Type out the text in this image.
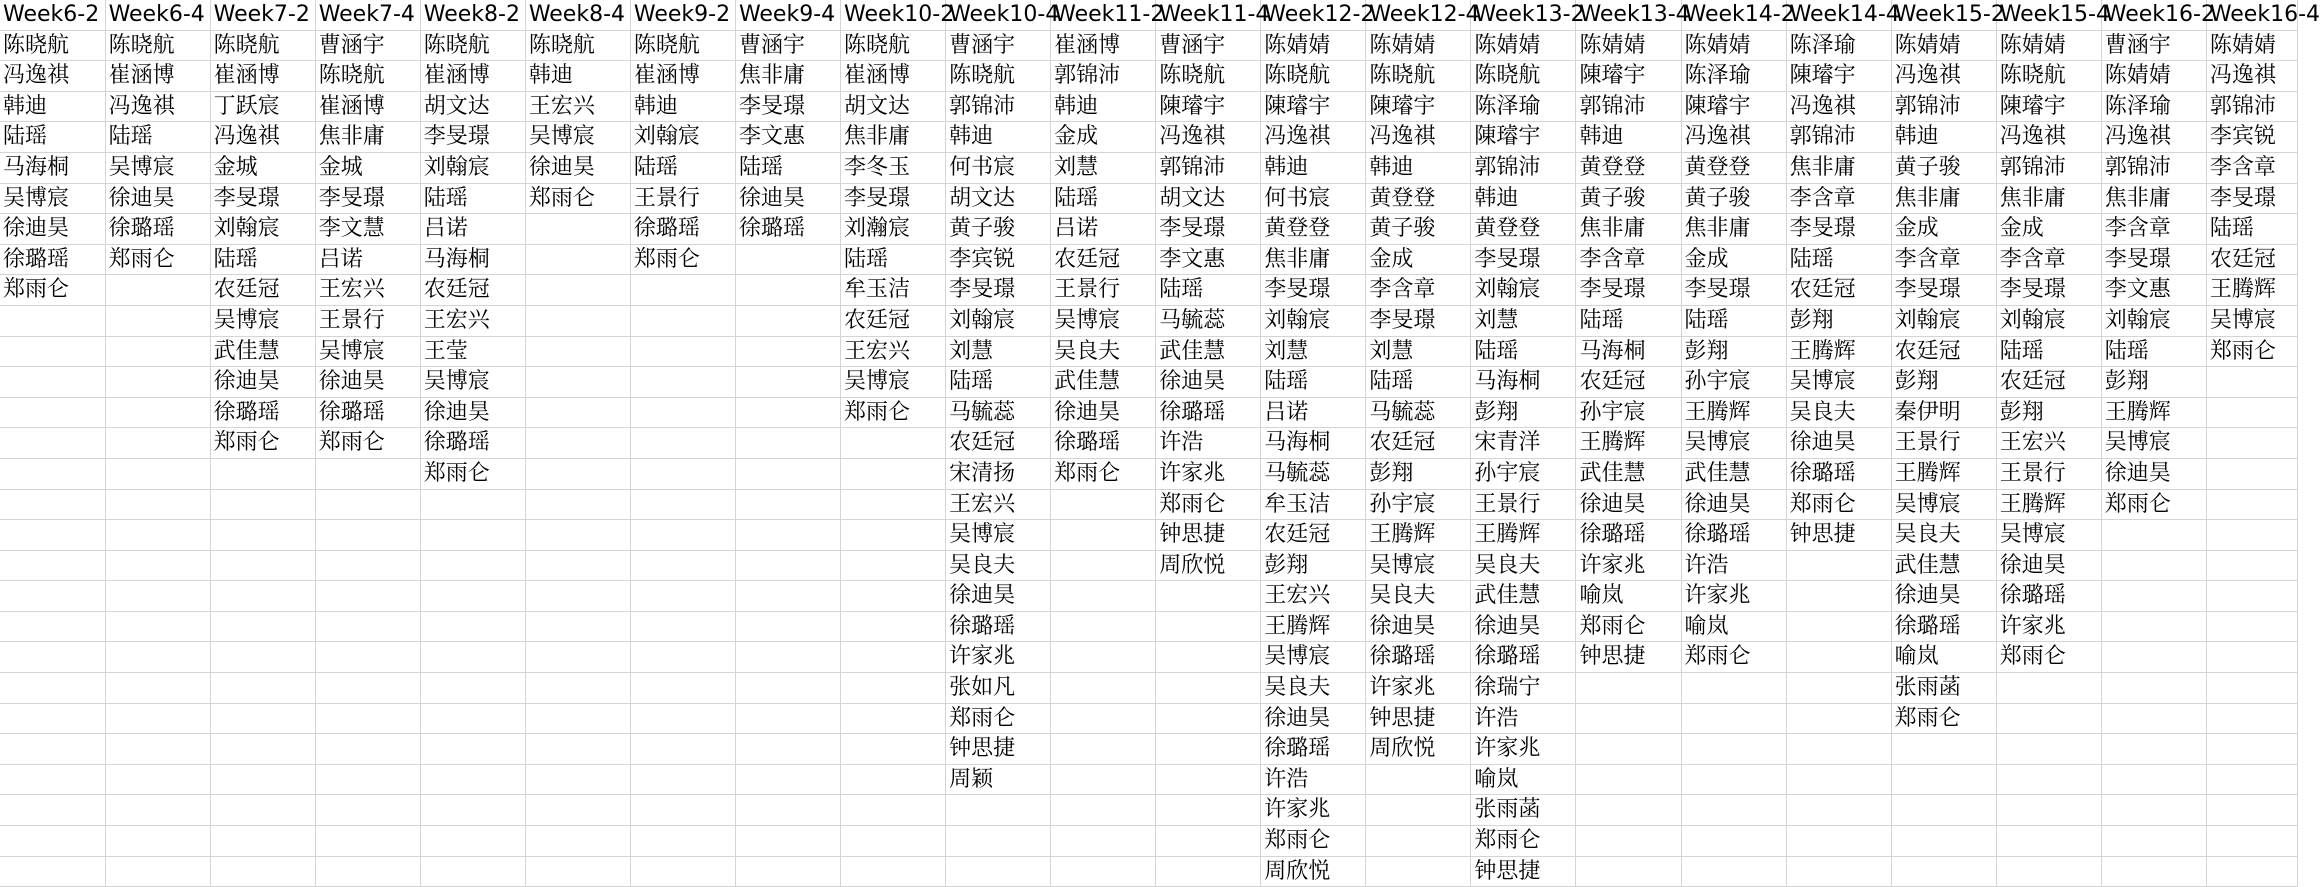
Week6-2	Week6-4	Week7-2	Week7-4	Week8-2	Week8-4	Week9-2	Week9-4	Week10-2	Week10-4	Week11-2	Week11-4	Week12-2	Week12-4	Week13-2	Week13-4	Week14-2	Week14-4	Week15-2	Week15-4	Week16-2	Week16-4
陈晓航	陈晓航	陈晓航	曹涵宇	陈晓航	陈晓航	陈晓航	曹涵宇	陈晓航	曹涵宇	崔涵博	曹涵宇	陈婧婧	陈婧婧	陈婧婧	陈婧婧	陈婧婧	陈泽瑜	陈婧婧	陈婧婧	曹涵宇	陈婧婧
冯逸祺	崔涵博	崔涵博	陈晓航	崔涵博	韩迪	崔涵博	焦非庸	崔涵博	陈晓航	郭锦沛	陈晓航	陈晓航	陈晓航	陈晓航	陳璿宇	陈泽瑜	陳璿宇	冯逸祺	陈晓航	陈婧婧	冯逸祺
韩迪	冯逸祺	丁跃宸	崔涵博	胡文达	王宏兴	韩迪	李旻璟	胡文达	郭锦沛	韩迪	陳璿宇	陳璿宇	陳璿宇	陈泽瑜	郭锦沛	陳璿宇	冯逸祺	郭锦沛	陳璿宇	陈泽瑜	郭锦沛
陆瑶	陆瑶	冯逸祺	焦非庸	李旻璟	吴博宸	刘翰宸	李文惠	焦非庸	韩迪	金成	冯逸祺	冯逸祺	冯逸祺	陳璿宇	韩迪	冯逸祺	郭锦沛	韩迪	冯逸祺	冯逸祺	李宾锐
马海桐	吴博宸	金城	金城	刘翰宸	徐迪昊	陆瑶	陆瑶	李冬玉	何书宸	刘慧	郭锦沛	韩迪	韩迪	郭锦沛	黄登登	黄登登	焦非庸	黄子骏	郭锦沛	郭锦沛	李含章
吴博宸	徐迪昊	李旻璟	李旻璟	陆瑶	郑雨仑	王景行	徐迪昊	李旻璟	胡文达	陆瑶	胡文达	何书宸	黄登登	韩迪	黄子骏	黄子骏	李含章	焦非庸	焦非庸	焦非庸	李旻璟
徐迪昊	徐璐瑶	刘翰宸	李文慧	吕诺		徐璐瑶	徐璐瑶	刘瀚宸	黄子骏	吕诺	李旻璟	黄登登	黄子骏	黄登登	焦非庸	焦非庸	李旻璟	金成	金成	李含章	陆瑶
徐璐瑶	郑雨仑	陆瑶	吕诺	马海桐		郑雨仑		陆瑶	李宾锐	农廷冠	李文惠	焦非庸	金成	李旻璟	李含章	金成	陆瑶	李含章	李含章	李旻璟	农廷冠
郑雨仑		农廷冠	王宏兴	农廷冠				牟玉洁	李旻璟	王景行	陆瑶	李旻璟	李含章	刘翰宸	李旻璟	李旻璟	农廷冠	李旻璟	李旻璟	李文惠	王腾辉
		吴博宸	王景行	王宏兴				农廷冠	刘翰宸	吴博宸	马毓蕊	刘翰宸	李旻璟	刘慧	陆瑶	陆瑶	彭翔	刘翰宸	刘翰宸	刘翰宸	吴博宸
		武佳慧	吴博宸	王莹				王宏兴	刘慧	吴良夫	武佳慧	刘慧	刘慧	陆瑶	马海桐	彭翔	王腾辉	农廷冠	陆瑶	陆瑶	郑雨仑
		徐迪昊	徐迪昊	吴博宸				吴博宸	陆瑶	武佳慧	徐迪昊	陆瑶	陆瑶	马海桐	农廷冠	孙宇宸	吴博宸	彭翔	农廷冠	彭翔	
		徐璐瑶	徐璐瑶	徐迪昊				郑雨仑	马毓蕊	徐迪昊	徐璐瑶	吕诺	马毓蕊	彭翔	孙宇宸	王腾辉	吴良夫	秦伊明	彭翔	王腾辉	
		郑雨仑	郑雨仑	徐璐瑶					农廷冠	徐璐瑶	许浩	马海桐	农廷冠	宋青洋	王腾辉	吴博宸	徐迪昊	王景行	王宏兴	吴博宸	
				郑雨仑					宋清扬	郑雨仑	许家兆	马毓蕊	彭翔	孙宇宸	武佳慧	武佳慧	徐璐瑶	王腾辉	王景行	徐迪昊	
									王宏兴		郑雨仑	牟玉洁	孙宇宸	王景行	徐迪昊	徐迪昊	郑雨仑	吴博宸	王腾辉	郑雨仑	
									吴博宸		钟思捷	农廷冠	王腾辉	王腾辉	徐璐瑶	徐璐瑶	钟思捷	吴良夫	吴博宸		
									吴良夫		周欣悦	彭翔	吴博宸	吴良夫	许家兆	许浩		武佳慧	徐迪昊		
									徐迪昊			王宏兴	吴良夫	武佳慧	喻岚	许家兆		徐迪昊	徐璐瑶		
									徐璐瑶			王腾辉	徐迪昊	徐迪昊	郑雨仑	喻岚		徐璐瑶	许家兆		
									许家兆			吴博宸	徐璐瑶	徐璐瑶	钟思捷	郑雨仑		喻岚	郑雨仑		
									张如凡			吴良夫	许家兆	徐瑞宁				张雨菡			
									郑雨仑			徐迪昊	钟思捷	许浩				郑雨仑			
									钟思捷			徐璐瑶	周欣悦	许家兆							
									周颖			许浩		喻岚							
												许家兆		张雨菡							
												郑雨仑		郑雨仑							
												周欣悦		钟思捷							
